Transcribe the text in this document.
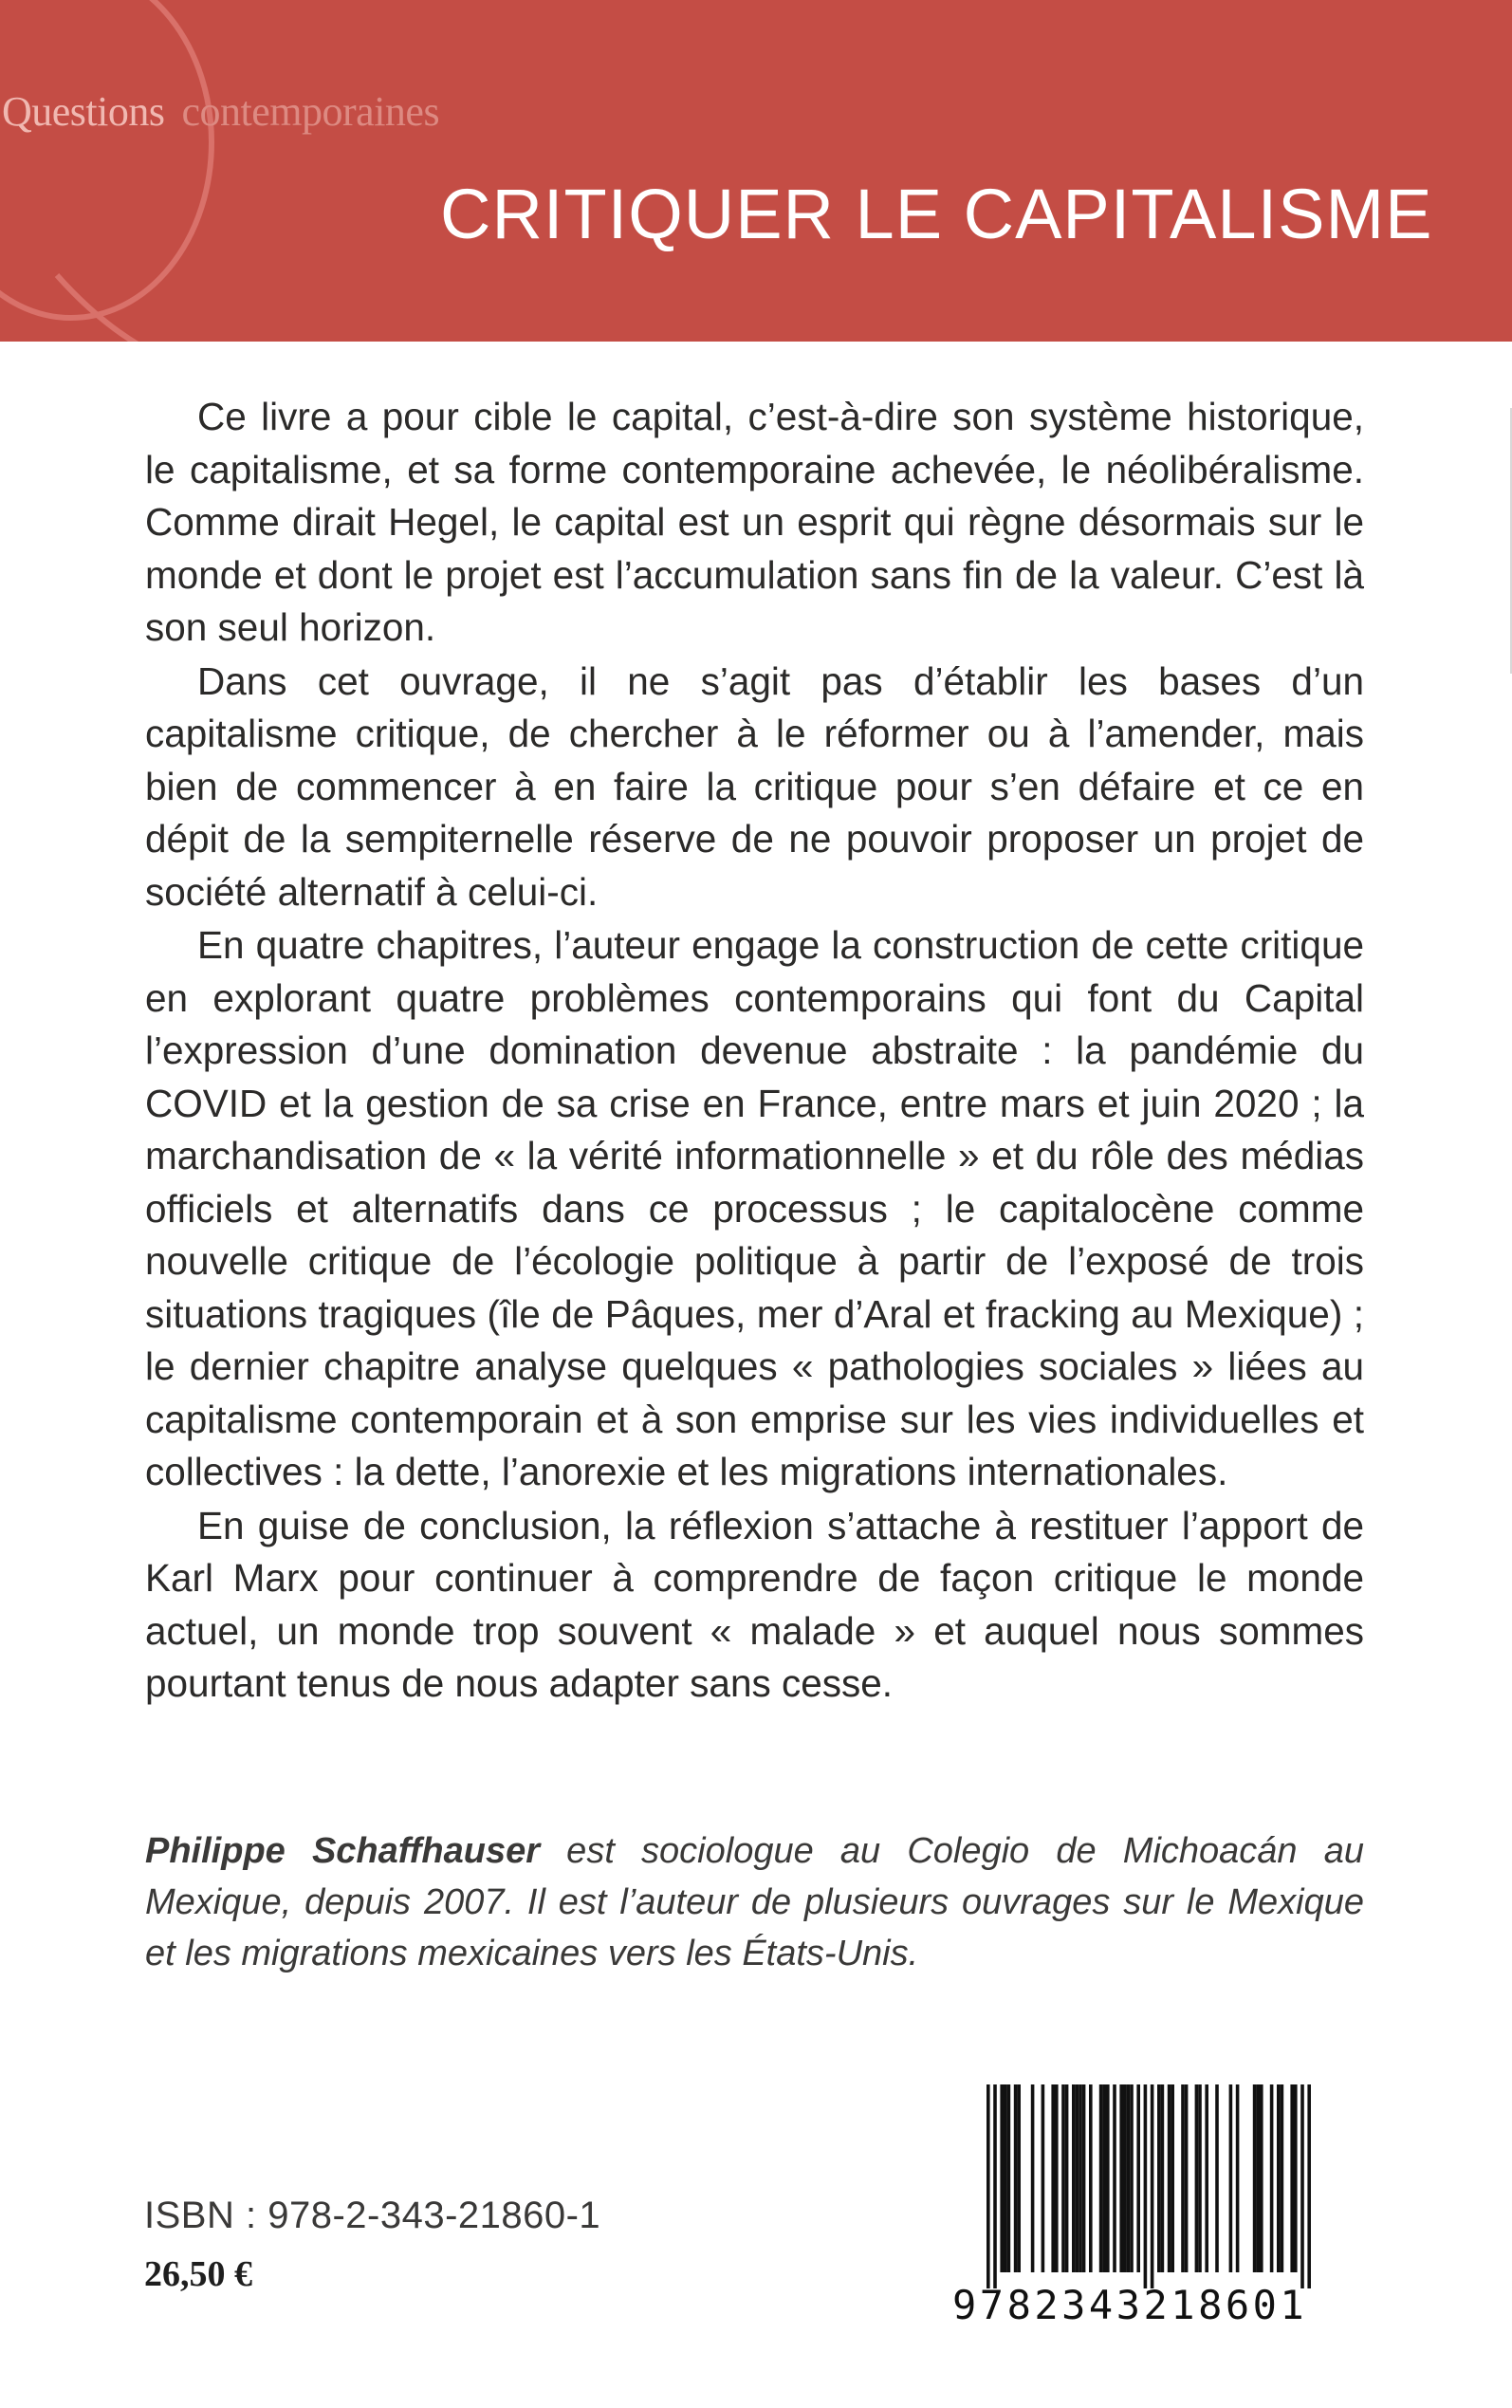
Questions contemporaines
CRITIQUER LE CAPITALISME

Ce livre a pour cible le capital, c’est-à-dire son système historique, le capitalisme, et sa forme contemporaine achevée, le néolibéralisme. Comme dirait Hegel, le capital est un esprit qui règne désormais sur le monde et dont le projet est l’accumulation sans fin de la valeur. C’est là son seul horizon.

Dans cet ouvrage, il ne s’agit pas d’établir les bases d’un capitalisme critique, de chercher à le réformer ou à l’amender, mais bien de commencer à en faire la critique pour s’en défaire et ce en dépit de la sempiternelle réserve de ne pouvoir proposer un projet de société alternatif à celui-ci.

En quatre chapitres, l’auteur engage la construction de cette critique en explorant quatre problèmes contemporains qui font du Capital l’expression d’une domination devenue abstraite : la pandémie du COVID et la gestion de sa crise en France, entre mars et juin 2020 ; la marchandisation de « la vérité informationnelle » et du rôle des médias officiels et alternatifs dans ce processus ; le capitalocène comme nouvelle critique de l’écologie politique à partir de l’exposé de trois situations tragiques (île de Pâques, mer d’Aral et fracking au Mexique) ; le dernier chapitre analyse quelques « pathologies sociales » liées au capitalisme contemporain et à son emprise sur les vies individuelles et collectives : la dette, l’anorexie et les migrations internationales.

En guise de conclusion, la réflexion s’attache à restituer l’apport de Karl Marx pour continuer à comprendre de façon critique le monde actuel, un monde trop souvent « malade » et auquel nous sommes pourtant tenus de nous adapter sans cesse.

Philippe Schaffhauser est sociologue au Colegio de Michoacán au Mexique, depuis 2007. Il est l’auteur de plusieurs ouvrages sur le Mexique et les migrations mexicaines vers les États-Unis.
ISBN : 978-2-343-21860-1
26,50 €
9782343218601
